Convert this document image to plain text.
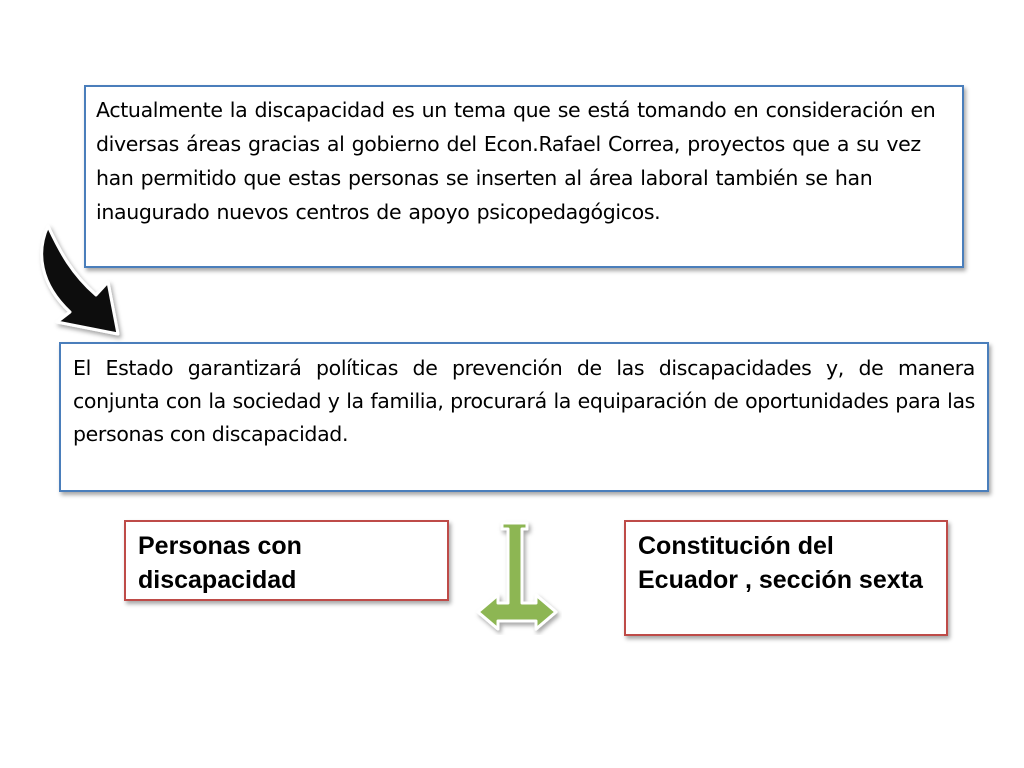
Actualmente la discapacidad es un tema que se está tomando en consideración en diversas áreas gracias al gobierno del Econ.Rafael Correa, proyectos que a su vez han permitido que estas personas se inserten al área laboral también se han inaugurado nuevos centros de apoyo psicopedagógicos.

El Estado garantizará políticas de prevención de las discapacidades y, de manera conjunta con la sociedad y la familia, procurará la equiparación de oportunidades para las personas con discapacidad.

Personas con discapacidad

Constitución del Ecuador , sección sexta
